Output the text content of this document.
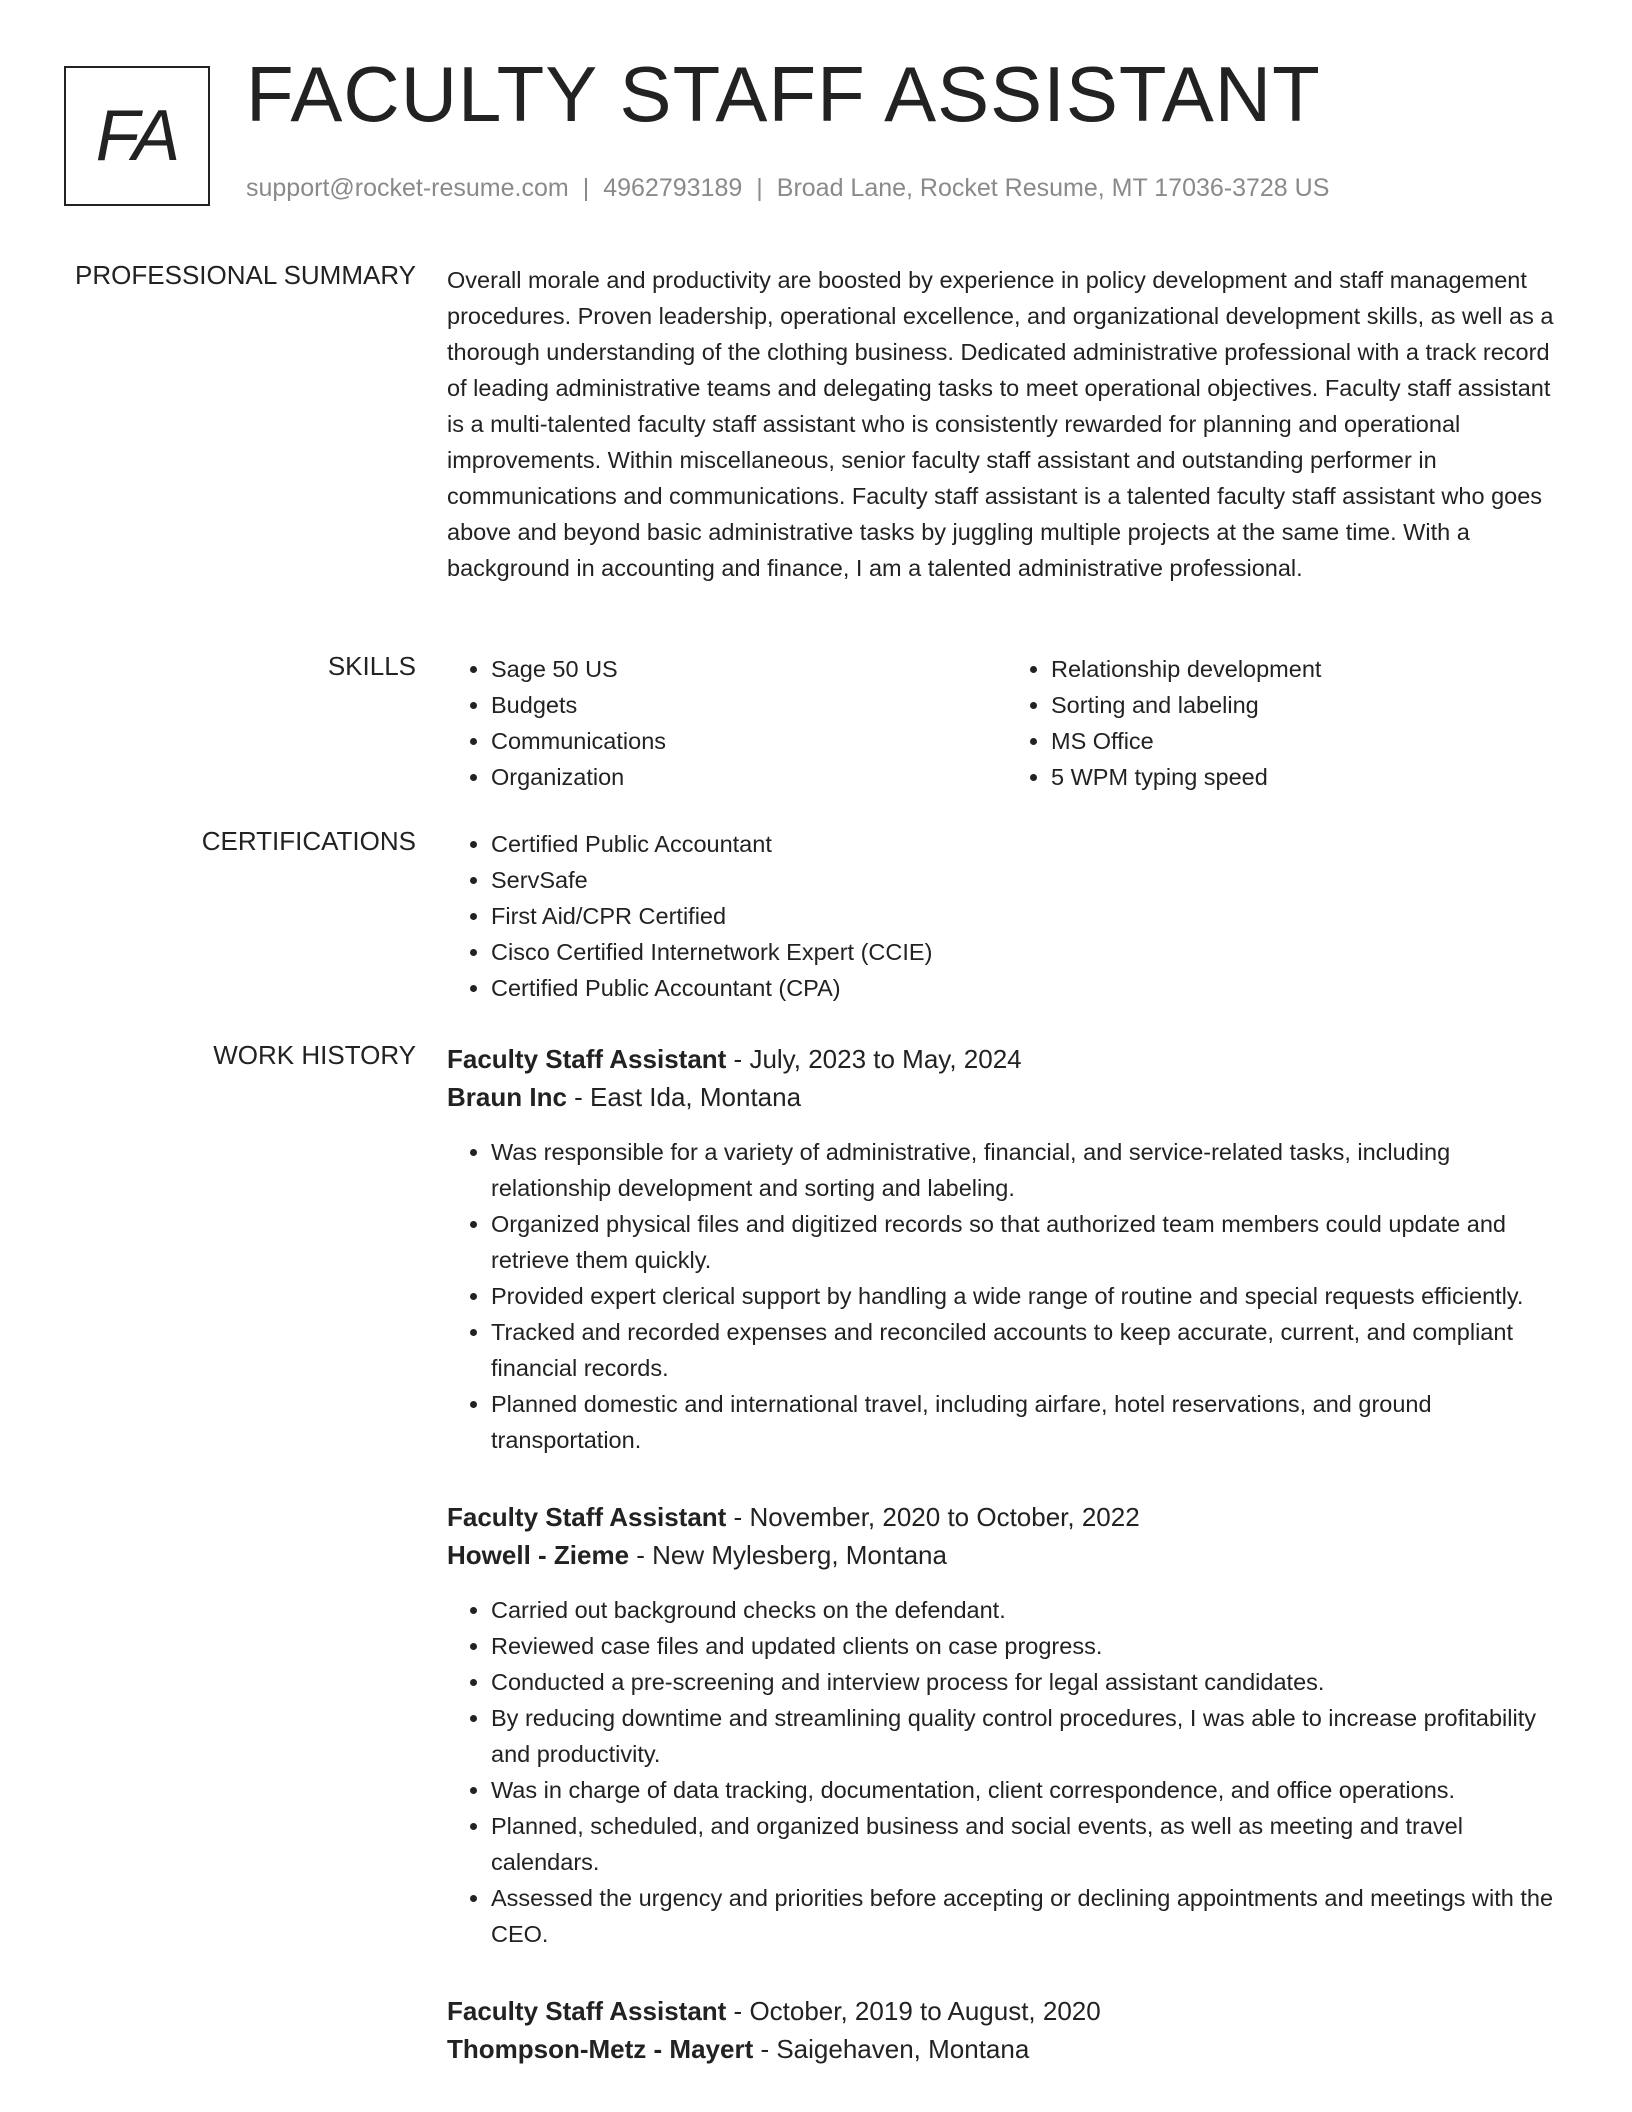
FA FACULTY STAFF ASSISTANT
support@rocket-resume.com | 4962793189 | Broad Lane, Rocket Resume, MT 17036-3728 US
PROFESSIONAL SUMMARY Overall morale and productivity are boosted by experience in policy development and staff management procedures. Proven leadership, operational excellence, and organizational development skills, as well as a thorough understanding of the clothing business. Dedicated administrative professional with a track record of leading administrative teams and delegating tasks to meet operational objectives. Faculty staff assistant is a multi-talented faculty staff assistant who is consistently rewarded for planning and operational improvements. Within miscellaneous, senior faculty staff assistant and outstanding performer in communications and communications. Faculty staff assistant is a talented faculty staff assistant who goes above and beyond basic administrative tasks by juggling multiple projects at the same time. With a background in accounting and finance, I am a talented administrative professional.

SKILLS	• Sage 50 US
• Budgets
• Communications
• Organization
• Relationship development
• Sorting and labeling
• MS Office
• 5 WPM typing speed
CERTIFICATIONS	• Certified Public Accountant
• ServSafe
• First Aid/CPR Certified
• Cisco Certified Internetwork Expert (CCIE)
• Certified Public Accountant (CPA)
WORK HISTORY Faculty Staff Assistant - July, 2023 to May, 2024
Braun Inc - East Ida, Montana
• Was responsible for a variety of administrative, financial, and service-related tasks, including relationship development and sorting and labeling.
• Organized physical files and digitized records so that authorized team members could update and retrieve them quickly.
• Provided expert clerical support by handling a wide range of routine and special requests efficiently.
• Tracked and recorded expenses and reconciled accounts to keep accurate, current, and compliant financial records.
• Planned domestic and international travel, including airfare, hotel reservations, and ground transportation.
Faculty Staff Assistant - November, 2020 to October, 2022
Howell - Zieme - New Mylesberg, Montana
• Carried out background checks on the defendant.
• Reviewed case files and updated clients on case progress.
• Conducted a pre-screening and interview process for legal assistant candidates.
• By reducing downtime and streamlining quality control procedures, I was able to increase profitability and productivity.
• Was in charge of data tracking, documentation, client correspondence, and office operations.
• Planned, scheduled, and organized business and social events, as well as meeting and travel calendars.
• Assessed the urgency and priorities before accepting or declining appointments and meetings with the CEO.
Faculty Staff Assistant - October, 2019 to August, 2020
Thompson-Metz - Mayert - Saigehaven, Montana
